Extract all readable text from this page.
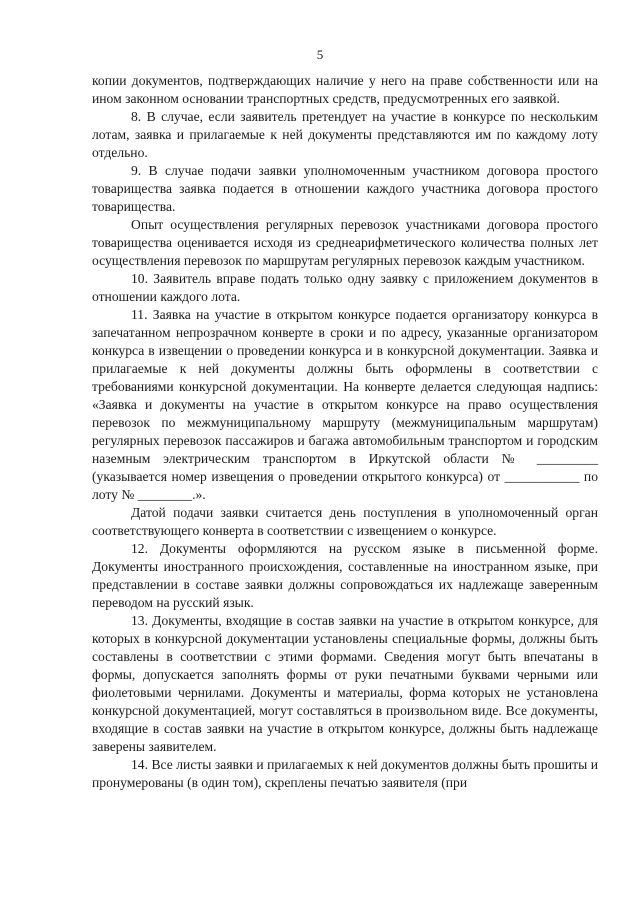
5

копии документов, подтверждающих наличие у него на праве собственности или на ином законном основании транспортных средств, предусмотренных его заявкой.

8. В случае, если заявитель претендует на участие в конкурсе по нескольким лотам, заявка и прилагаемые к ней документы представляются им по каждому лоту отдельно.

9. В случае подачи заявки уполномоченным участником договора простого товарищества заявка подается в отношении каждого участника договора простого товарищества.

Опыт осуществления регулярных перевозок участниками договора простого товарищества оценивается исходя из среднеарифметического количества полных лет осуществления перевозок по маршрутам регулярных перевозок каждым участником.

10. Заявитель вправе подать только одну заявку с приложением документов в отношении каждого лота.

11. Заявка на участие в открытом конкурсе подается организатору конкурса в запечатанном непрозрачном конверте в сроки и по адресу, указанные организатором конкурса в извещении о проведении конкурса и в конкурсной документации. Заявка и прилагаемые к ней документы должны быть оформлены в соответствии с требованиями конкурсной документации. На конверте делается следующая надпись: «Заявка и документы на участие в открытом конкурсе на право осуществления перевозок по межмуниципальному маршруту (межмуниципальным маршрутам) регулярных перевозок пассажиров и багажа автомобильным транспортом и городским наземным электрическим транспортом в Иркутской области № _________ (указывается номер извещения о проведении открытого конкурса) от ___________ по лоту № ________.».

Датой подачи заявки считается день поступления в уполномоченный орган соответствующего конверта в соответствии с извещением о конкурсе.

12. Документы оформляются на русском языке в письменной форме. Документы иностранного происхождения, составленные на иностранном языке, при представлении в составе заявки должны сопровождаться их надлежаще заверенным переводом на русский язык.

13. Документы, входящие в состав заявки на участие в открытом конкурсе, для которых в конкурсной документации установлены специальные формы, должны быть составлены в соответствии с этими формами. Сведения могут быть впечатаны в формы, допускается заполнять формы от руки печатными буквами черными или фиолетовыми чернилами. Документы и материалы, форма которых не установлена конкурсной документацией, могут составляться в произвольном виде. Все документы, входящие в состав заявки на участие в открытом конкурсе, должны быть надлежаще заверены заявителем.

14. Все листы заявки и прилагаемых к ней документов должны быть прошиты и пронумерованы (в один том), скреплены печатью заявителя (при
